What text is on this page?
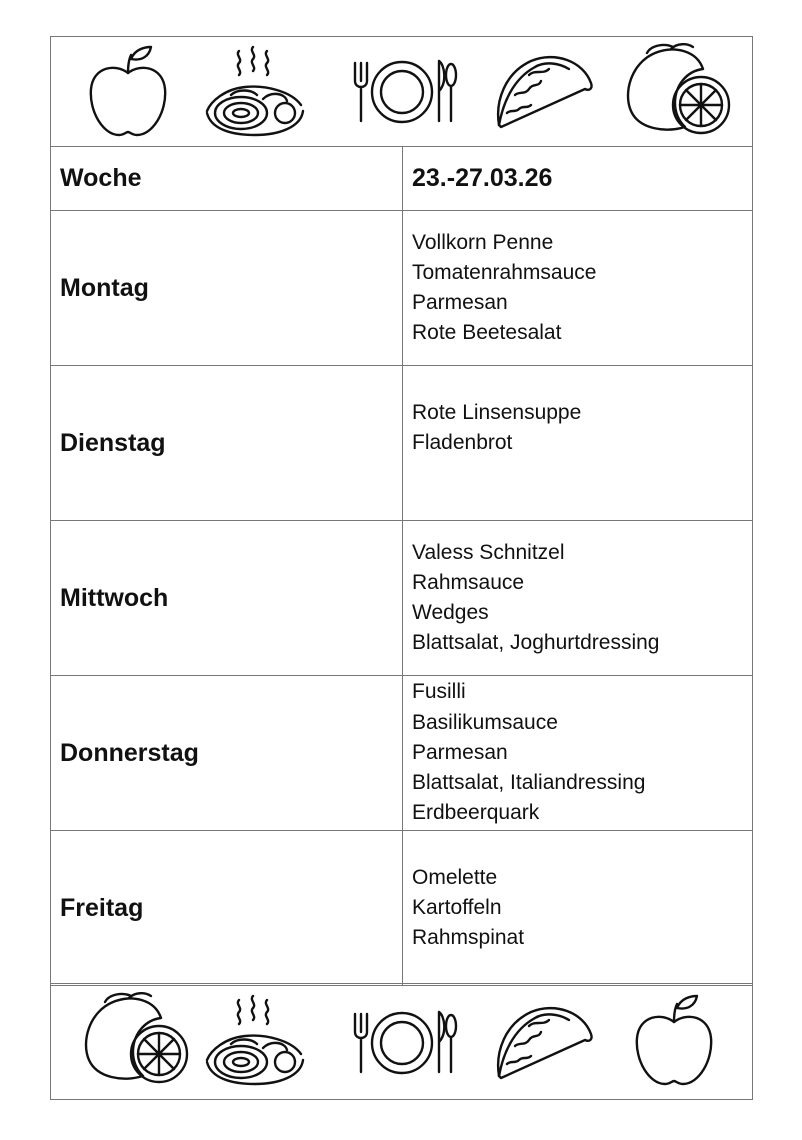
Woche	23.-27.03.26
Montag
Vollkorn Penne
Tomatenrahmsauce
Parmesan
Rote Beetesalat
Dienstag
Rote Linsensuppe
Fladenbrot
Mittwoch
Valess Schnitzel
Rahmsauce
Wedges
Blattsalat, Joghurtdressing
Donnerstag
Fusilli
Basilikumsauce
Parmesan
Blattsalat, Italiandressing
Erdbeerquark
Freitag
Omelette
Kartoffeln
Rahmspinat
